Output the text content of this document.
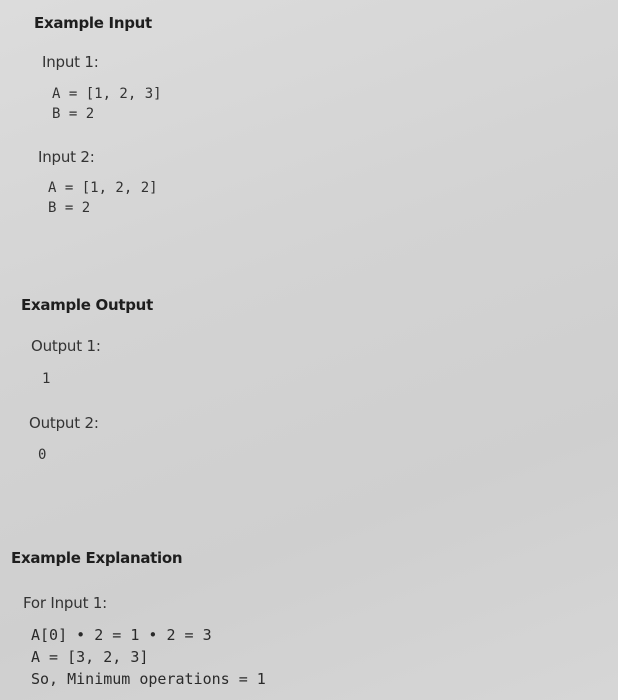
Example Input
Input 1:
A = [1, 2, 3]
B = 2
Input 2:
A = [1, 2, 2]
B = 2
Example Output
Output 1:
1
Output 2:
0
Example Explanation
For Input 1:
A[0] • 2 = 1 • 2 = 3
A = [3, 2, 3]
So, Minimum operations = 1
